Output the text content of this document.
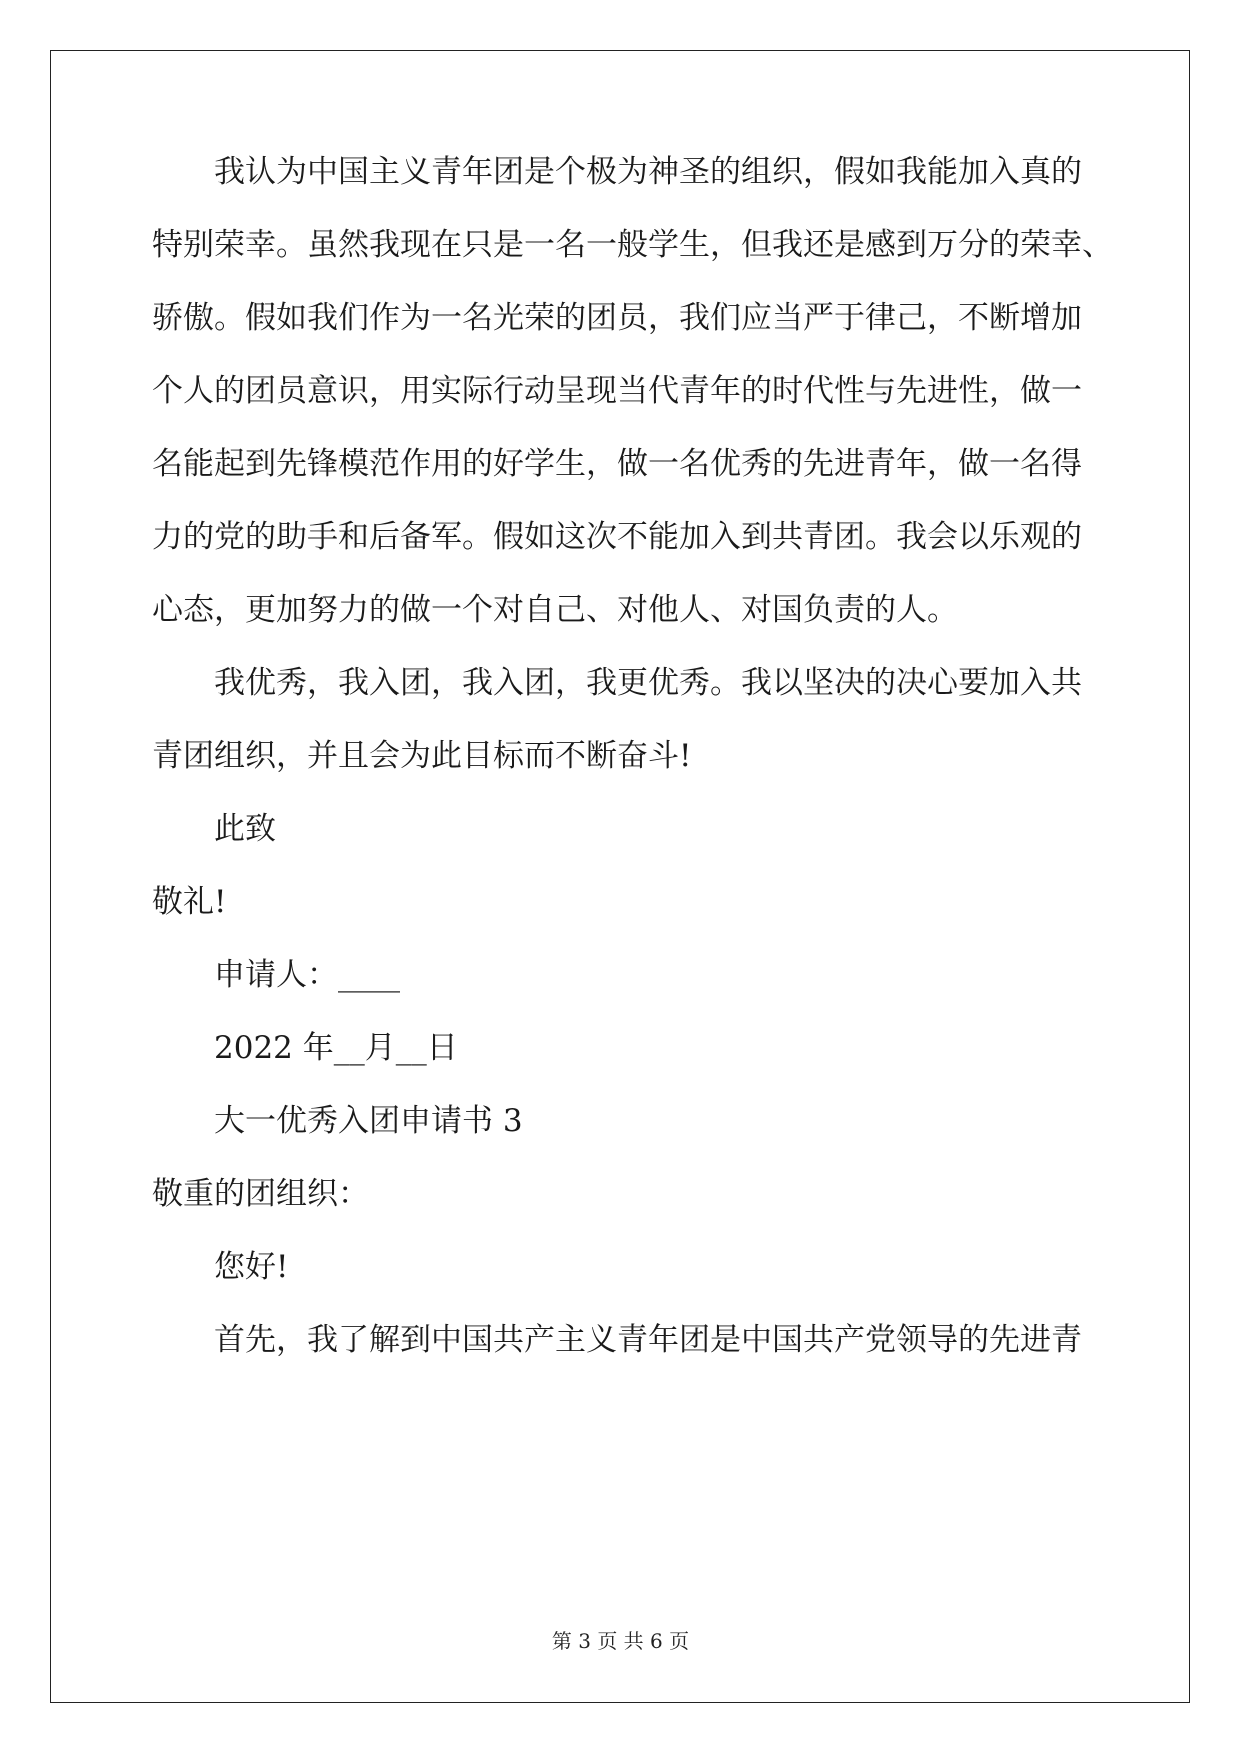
我认为中国主义青年团是个极为神圣的组织，假如我能加入真的
特别荣幸。虽然我现在只是一名一般学生，但我还是感到万分的荣幸、
骄傲。假如我们作为一名光荣的团员，我们应当严于律己，不断增加
个人的团员意识，用实际行动呈现当代青年的时代性与先进性，做一
名能起到先锋模范作用的好学生，做一名优秀的先进青年，做一名得
力的党的助手和后备军。假如这次不能加入到共青团。我会以乐观的
心态，更加努力的做一个对自己、对他人、对国负责的人。
我优秀，我入团，我入团，我更优秀。我以坚决的决心要加入共
青团组织，并且会为此目标而不断奋斗!
此致
敬礼!
申请人：____
2022 年__月__日
大一优秀入团申请书 3
敬重的团组织：
您好!
首先，我了解到中国共产主义青年团是中国共产党领导的先进青
第 3 页 共 6 页
